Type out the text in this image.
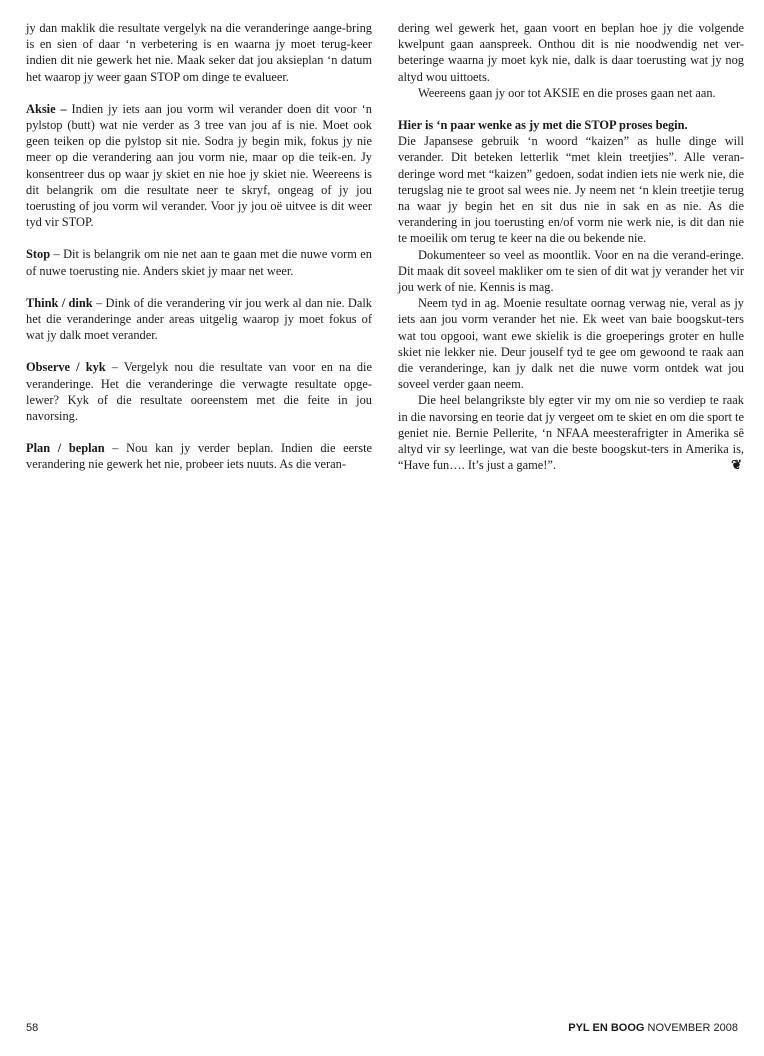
jy dan maklik die resultate vergelyk na die veranderinge aange-bring is en sien of daar ‘n verbetering is en waarna jy moet terug-keer indien dit nie gewerk het nie. Maak seker dat jou aksieplan ‘n datum het waarop jy weer gaan STOP om dinge te evalueer.

Aksie – Indien jy iets aan jou vorm wil verander doen dit voor ‘n pylstop (butt) wat nie verder as 3 tree van jou af is nie. Moet ook geen teiken op die pylstop sit nie. Sodra jy begin mik, fokus jy nie meer op die verandering aan jou vorm nie, maar op die teik-en. Jy konsentreer dus op waar jy skiet en nie hoe jy skiet nie. Weereens is dit belangrik om die resultate neer te skryf, ongeag of jy jou toerusting of jou vorm wil verander. Voor jy jou oë uitvee is dit weer tyd vir STOP.

Stop – Dit is belangrik om nie net aan te gaan met die nuwe vorm en of nuwe toerusting nie. Anders skiet jy maar net weer.

Think / dink – Dink of die verandering vir jou werk al dan nie. Dalk het die veranderinge ander areas uitgelig waarop jy moet fokus of wat jy dalk moet verander.

Observe / kyk – Vergelyk nou die resultate van voor en na die veranderinge. Het die veranderinge die verwagte resultate opge-lewer? Kyk of die resultate ooreenstem met die feite in jou navorsing.

Plan / beplan – Nou kan jy verder beplan. Indien die eerste verandering nie gewerk het nie, probeer iets nuuts. As die veran-

dering wel gewerk het, gaan voort en beplan hoe jy die volgende kwelpunt gaan aanspreek. Onthou dit is nie noodwendig net ver-beteringe waarna jy moet kyk nie, dalk is daar toerusting wat jy nog altyd wou uittoets.

Weereens gaan jy oor tot AKSIE en die proses gaan net aan.

Hier is ‘n paar wenke as jy met die STOP proses begin.

Die Japansese gebruik ‘n woord “kaizen” as hulle dinge will verander. Dit beteken letterlik “met klein treetjies”. Alle veran-deringe word met “kaizen” gedoen, sodat indien iets nie werk nie, die terugslag nie te groot sal wees nie. Jy neem net ‘n klein treetjie terug na waar jy begin het en sit dus nie in sak en as nie. As die verandering in jou toerusting en/of vorm nie werk nie, is dit dan nie te moeilik om terug te keer na die ou bekende nie.

Dokumenteer so veel as moontlik. Voor en na die verand-eringe. Dit maak dit soveel makliker om te sien of dit wat jy verander het vir jou werk of nie. Kennis is mag.

Neem tyd in ag. Moenie resultate oornag verwag nie, veral as jy iets aan jou vorm verander het nie. Ek weet van baie boogskut-ters wat tou opgooi, want ewe skielik is die groeperings groter en hulle skiet nie lekker nie. Deur jouself tyd te gee om gewoond te raak aan die veranderinge, kan jy dalk net die nuwe vorm ontdek wat jou soveel verder gaan neem.

Die heel belangrikste bly egter vir my om nie so verdiep te raak in die navorsing en teorie dat jy vergeet om te skiet en om die sport te geniet nie. Bernie Pellerite, ‘n NFAA meesterafrigter in Amerika sê altyd vir sy leerlinge, wat van die beste boogskut-ters in Amerika is, “Have fun…. It’s just a game!”.	❦

58	PYL EN BOOG NOVEMBER 2008
